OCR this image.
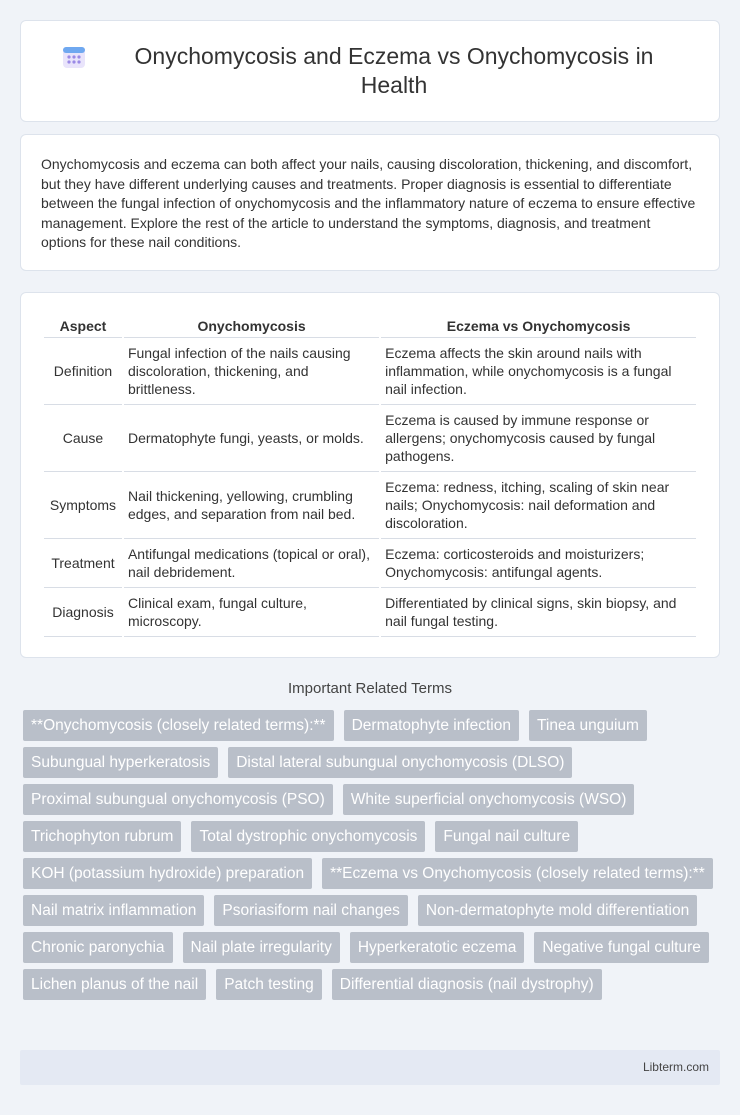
Onychomycosis and Eczema vs Onychomycosis in Health

Onychomycosis and eczema can both affect your nails, causing discoloration, thickening, and discomfort, but they have different underlying causes and treatments. Proper diagnosis is essential to differentiate between the fungal infection of onychomycosis and the inflammatory nature of eczema to ensure effective management. Explore the rest of the article to understand the symptoms, diagnosis, and treatment options for these nail conditions.

Aspect	Onychomycosis	Eczema vs Onychomycosis
Definition	Fungal infection of the nails causing discoloration, thickening, and brittleness.	Eczema affects the skin around nails with inflammation, while onychomycosis is a fungal nail infection.
Cause	Dermatophyte fungi, yeasts, or molds.	Eczema is caused by immune response or allergens; onychomycosis caused by fungal pathogens.
Symptoms	Nail thickening, yellowing, crumbling edges, and separation from nail bed.	Eczema: redness, itching, scaling of skin near nails; Onychomycosis: nail deformation and discoloration.
Treatment	Antifungal medications (topical or oral), nail debridement.	Eczema: corticosteroids and moisturizers; Onychomycosis: antifungal agents.
Diagnosis	Clinical exam, fungal culture, microscopy.	Differentiated by clinical signs, skin biopsy, and nail fungal testing.
Important Related Terms
**Onychomycosis (closely related terms):**	Dermatophyte infection	Tinea unguium
Subungual hyperkeratosis	Distal lateral subungual onychomycosis (DLSO)
Proximal subungual onychomycosis (PSO)	White superficial onychomycosis (WSO)
Trichophyton rubrum	Total dystrophic onychomycosis	Fungal nail culture
KOH (potassium hydroxide) preparation	**Eczema vs Onychomycosis (closely related terms):**
Nail matrix inflammation	Psoriasiform nail changes	Non-dermatophyte mold differentiation
Chronic paronychia	Nail plate irregularity	Hyperkeratotic eczema	Negative fungal culture
Lichen planus of the nail	Patch testing	Differential diagnosis (nail dystrophy)
Libterm.com
